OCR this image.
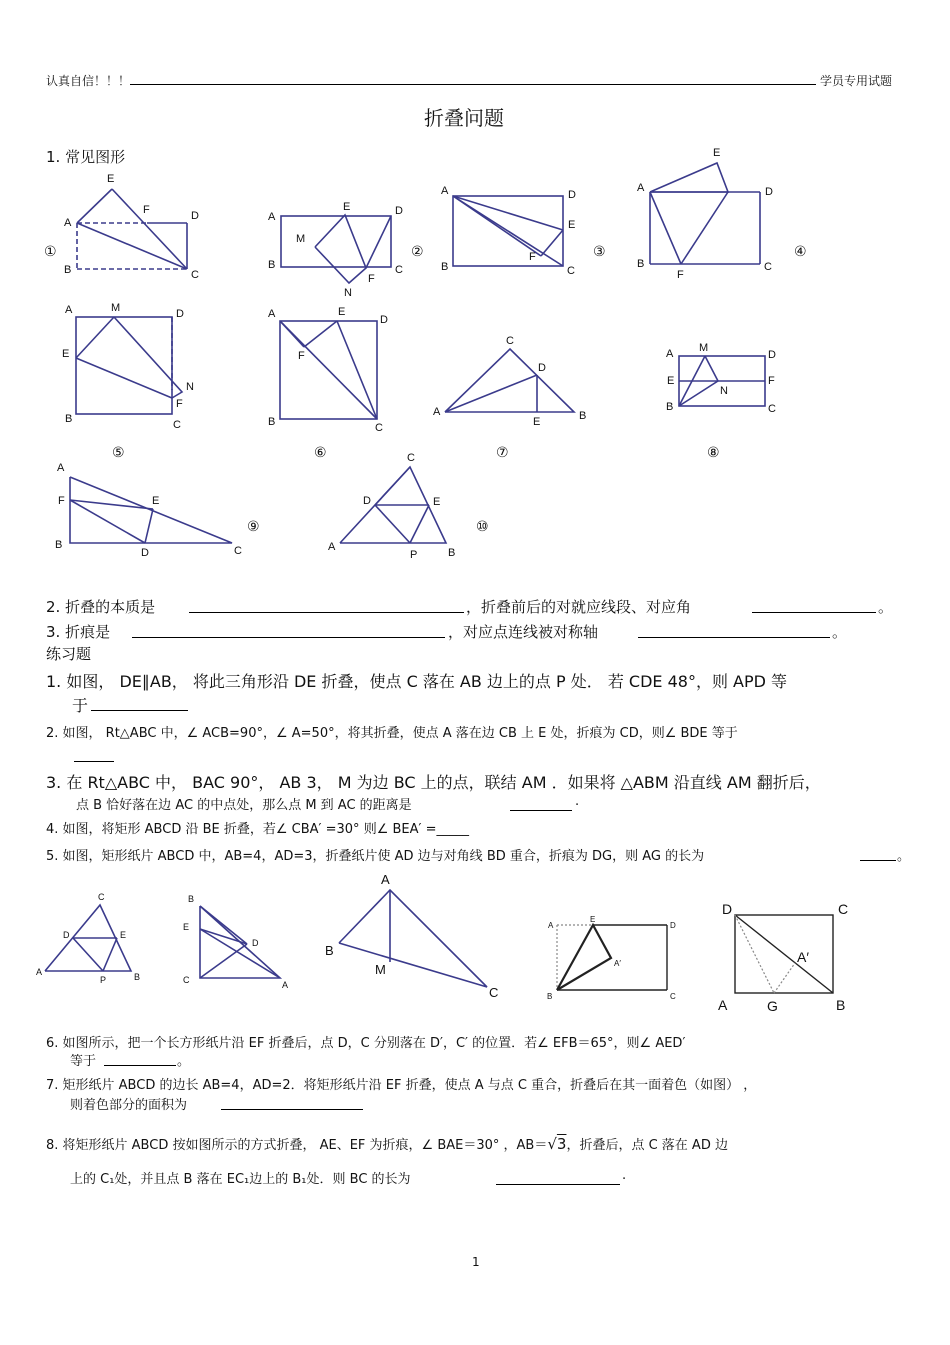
认真自信！！！	学员专用试题
折叠问题
1. 常见图形
E
F	D
A
B	C
A
E	D
M
B	C
F
N
A	D
E
F
B	C
E
A	D
B
F
C
A	M	D
E
N
F
B	C
A	E
D
F
B	C
C
D
A	B
E
A M
D
E
N
F
B	C
A
F	E
B
D	C
C
D	E
A
P	B
C
D	E
A
P	B
B
E
D
C	A
A
B
M
C
A
E
D
A′
B	C
D	C
A′
A	G	B
①	②	③	④
⑤	⑥	⑦	⑧
⑨	⑩
2. 折叠的本质是	，折叠前后的对就应线段、对应角	。
3. 折痕是	，对应点连线被对称轴	。
练习题
1. 如图， DE∥AB， 将此三角形沿 DE 折叠，使点 C 落在 AB 边上的点 P 处． 若 CDE 48°，则 APD 等
于
2. 如图， Rt△ABC 中，∠ ACB=90°，∠ A=50°，将其折叠，使点 A 落在边 CB 上 E 处，折痕为 CD，则∠ BDE 等于
3. 在 Rt△ABC 中， BAC 90°， AB 3， M 为边 BC 上的点，联结 AM ．如果将 △ABM 沿直线 AM 翻折后，
点 B 恰好落在边 AC 的中点处，那么点 M 到 AC 的距离是	.
4. 如图，将矩形 ABCD 沿 BE 折叠，若∠ CBA′ =30° 则∠ BEA′ =_____
5. 如图，矩形纸片 ABCD 中，AB=4，AD=3，折叠纸片使 AD 边与对角线 BD 重合，折痕为 DG，则 AG 的长为	。
6. 如图所示，把一个长方形纸片沿 EF 折叠后，点 D，C 分别落在 D′，C′ 的位置．若∠ EFB＝65°，则∠ AED′
等于	。
7. 矩形纸片 ABCD 的边长 AB=4，AD=2．将矩形纸片沿 EF 折叠，使点 A 与点 C 重合，折叠后在其一面着色（如图） ，
则着色部分的面积为
8. 将矩形纸片 ABCD 按如图所示的方式折叠， AE、EF 为折痕，∠ BAE＝30° ，AB＝√3，折叠后，点 C 落在 AD 边
上的 C₁处，并且点 B 落在 EC₁边上的 B₁处．则 BC 的长为	.
1
